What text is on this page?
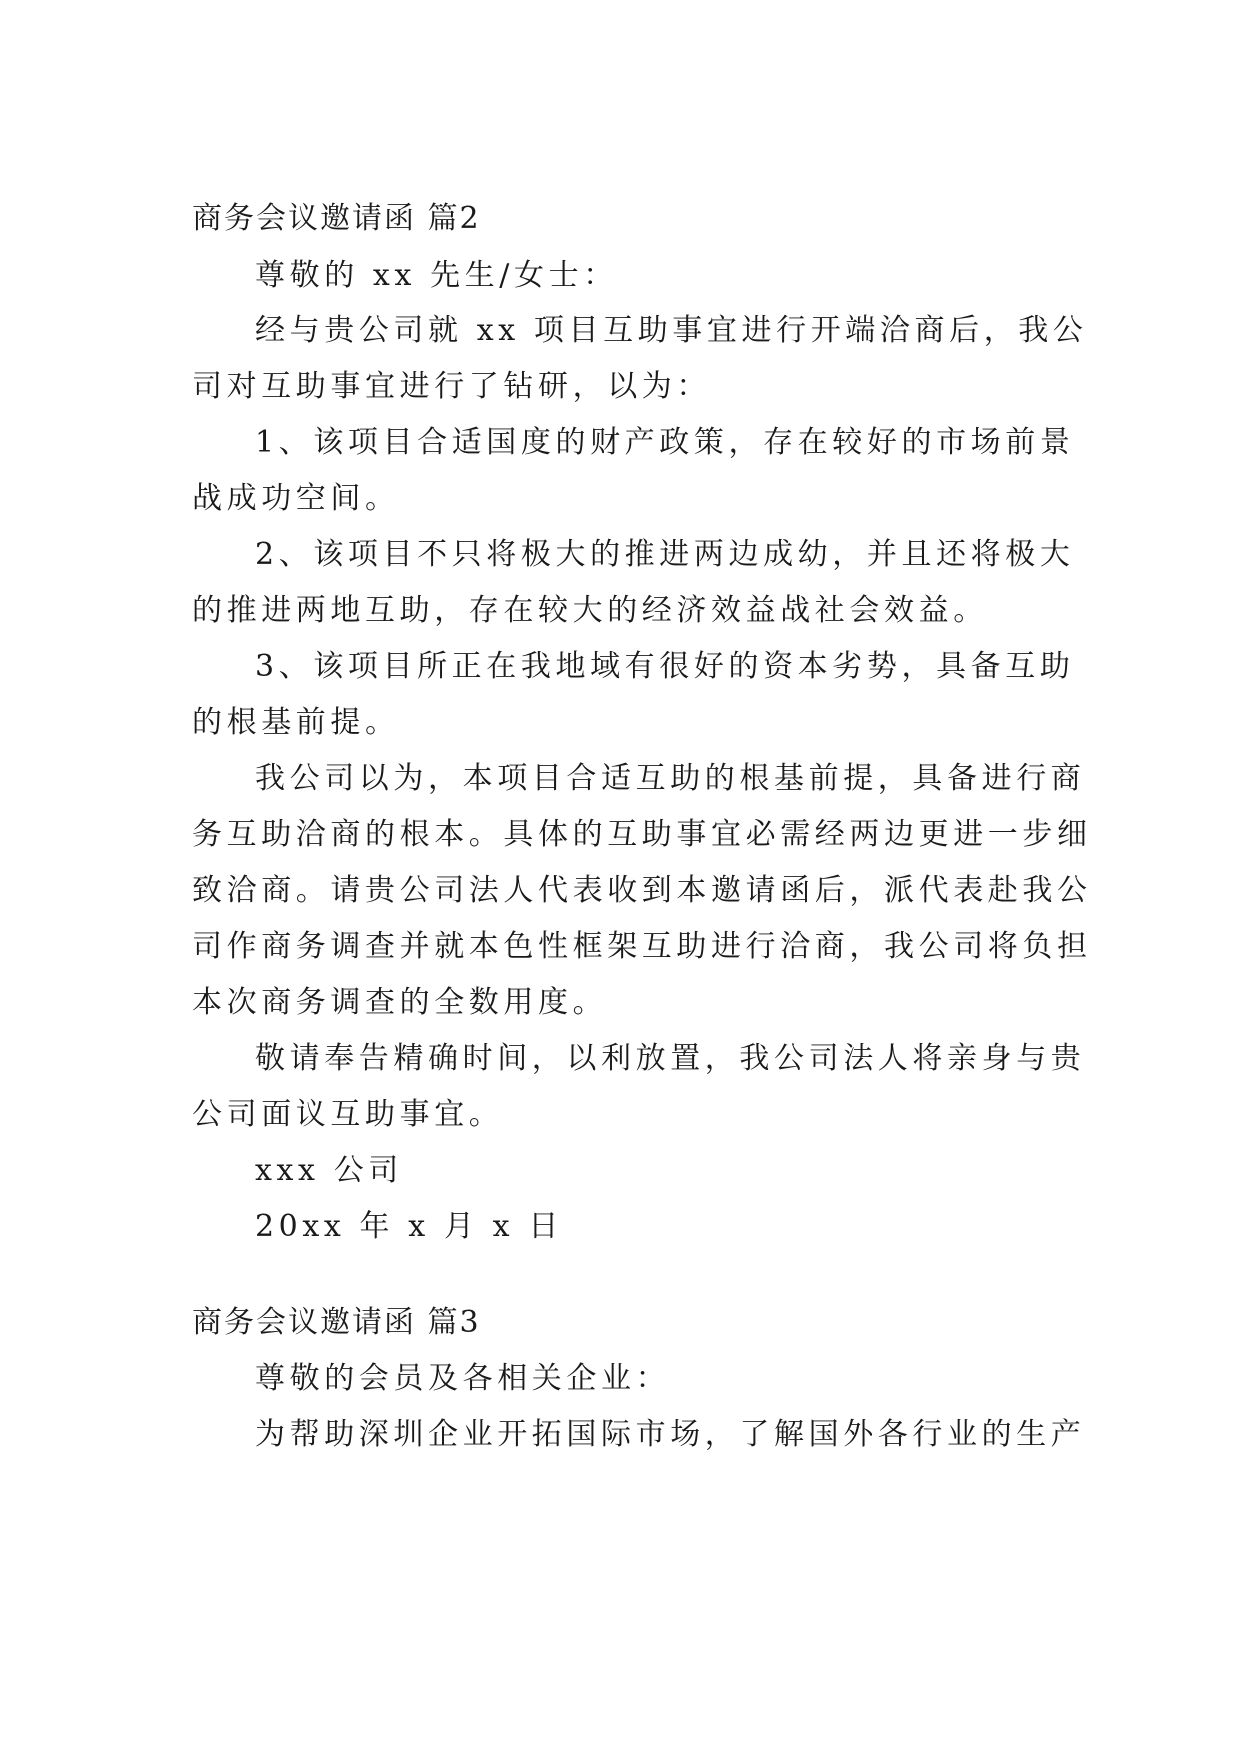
商务会议邀请函 篇2
尊敬的 xx 先生/女士：
经与贵公司就 xx 项目互助事宜进行开端洽商后，我公
司对互助事宜进行了钻研，以为：
1、该项目合适国度的财产政策，存在较好的市场前景
战成功空间。
2、该项目不只将极大的推进两边成幼，并且还将极大
的推进两地互助，存在较大的经济效益战社会效益。
3、该项目所正在我地域有很好的资本劣势，具备互助
的根基前提。
我公司以为，本项目合适互助的根基前提，具备进行商
务互助洽商的根本。具体的互助事宜必需经两边更进一步细
致洽商。请贵公司法人代表收到本邀请函后，派代表赴我公
司作商务调查并就本色性框架互助进行洽商，我公司将负担
本次商务调查的全数用度。
敬请奉告精确时间，以利放置，我公司法人将亲身与贵
公司面议互助事宜。
xxx 公司
20xx 年 x 月 x 日
商务会议邀请函 篇3
尊敬的会员及各相关企业：
为帮助深圳企业开拓国际市场，了解国外各行业的生产
